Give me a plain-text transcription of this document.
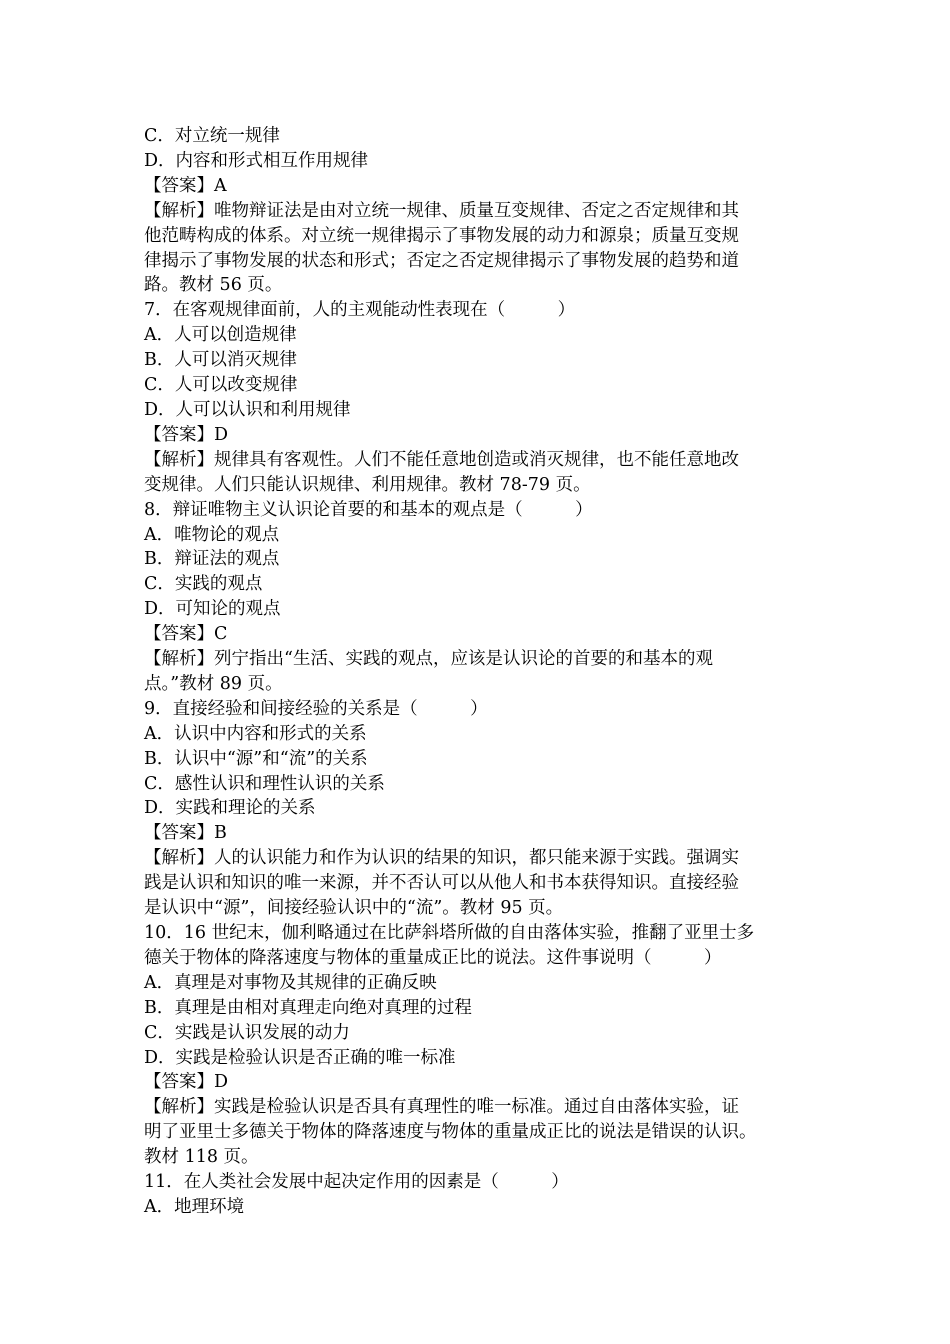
C．对立统一规律

D．内容和形式相互作用规律

【答案】A

【解析】唯物辩证法是由对立统一规律、质量互变规律、否定之否定规律和其

他范畴构成的体系。对立统一规律揭示了事物发展的动力和源泉；质量互变规

律揭示了事物发展的状态和形式；否定之否定规律揭示了事物发展的趋势和道

路。教材 56 页。

7．在客观规律面前，人的主观能动性表现在（　　　）

A．人可以创造规律

B．人可以消灭规律

C．人可以改变规律

D．人可以认识和利用规律

【答案】D

【解析】规律具有客观性。人们不能任意地创造或消灭规律，也不能任意地改

变规律。人们只能认识规律、利用规律。教材 78-79 页。

8．辩证唯物主义认识论首要的和基本的观点是（　　　）

A．唯物论的观点

B．辩证法的观点

C．实践的观点

D．可知论的观点

【答案】C

【解析】列宁指出“生活、实践的观点，应该是认识论的首要的和基本的观

点。”教材 89 页。

9．直接经验和间接经验的关系是（　　　）

A．认识中内容和形式的关系

B．认识中“源”和“流”的关系

C．感性认识和理性认识的关系

D．实践和理论的关系

【答案】B

【解析】人的认识能力和作为认识的结果的知识，都只能来源于实践。强调实

践是认识和知识的唯一来源，并不否认可以从他人和书本获得知识。直接经验

是认识中“源”，间接经验认识中的“流”。教材 95 页。

10．16 世纪末，伽利略通过在比萨斜塔所做的自由落体实验，推翻了亚里士多

德关于物体的降落速度与物体的重量成正比的说法。这件事说明（　　　）

A．真理是对事物及其规律的正确反映

B．真理是由相对真理走向绝对真理的过程

C．实践是认识发展的动力

D．实践是检验认识是否正确的唯一标准

【答案】D

【解析】实践是检验认识是否具有真理性的唯一标准。通过自由落体实验，证

明了亚里士多德关于物体的降落速度与物体的重量成正比的说法是错误的认识。

教材 118 页。

11．在人类社会发展中起决定作用的因素是（　　　）

A．地理环境
